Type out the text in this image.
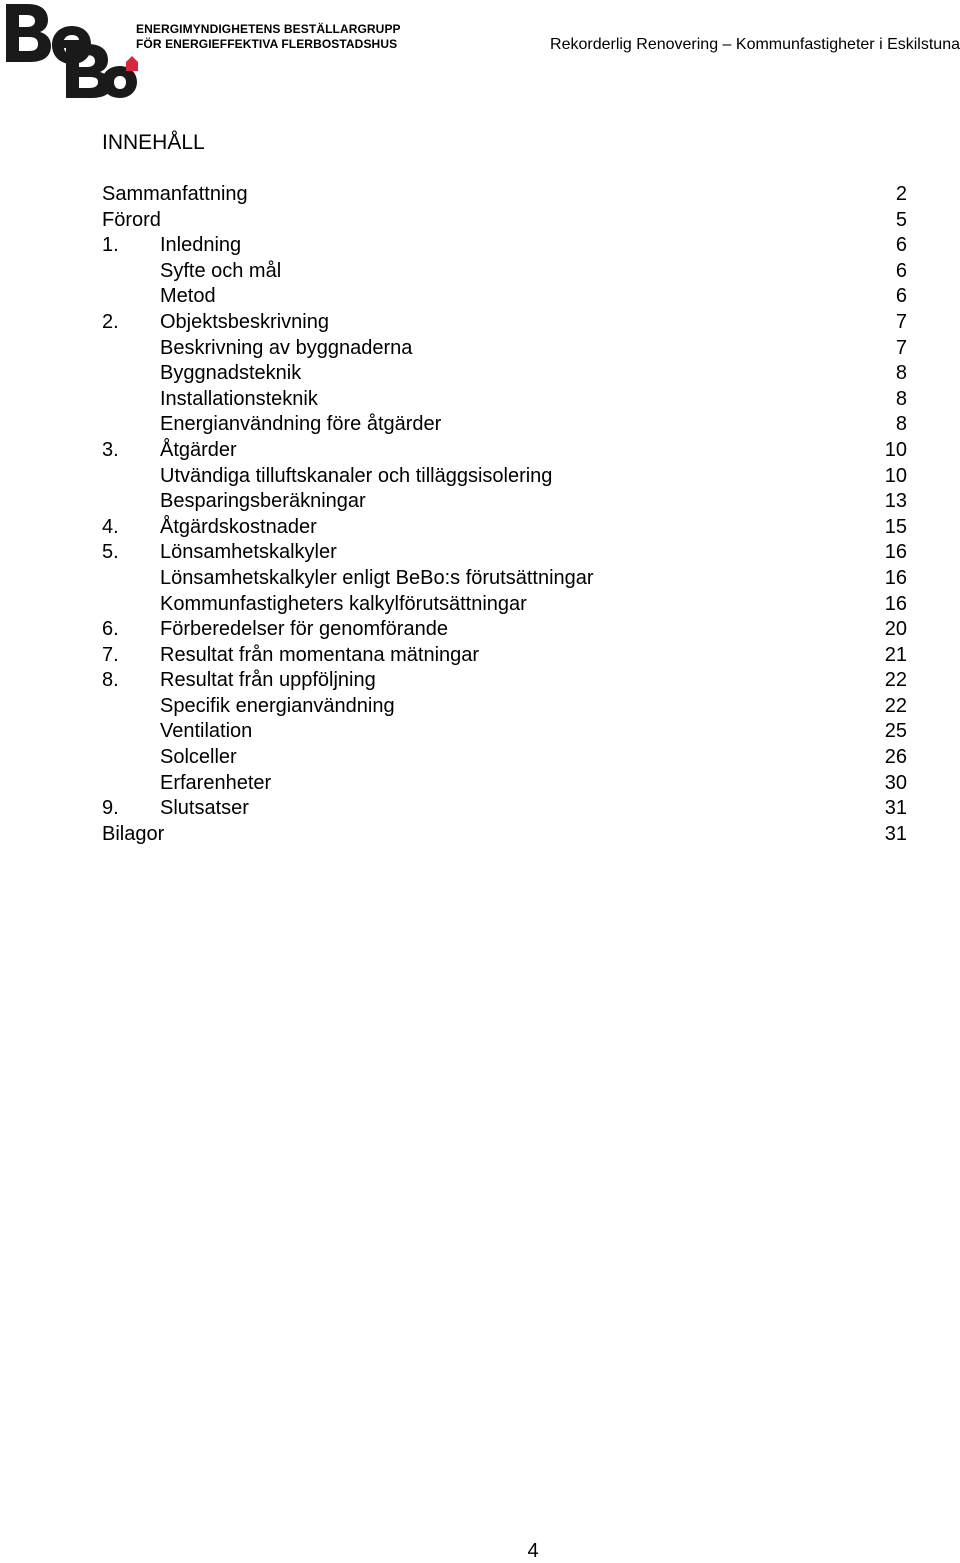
ENERGIMYNDIGHETENS BESTÄLLARGRUPP
FÖR ENERGIEFFEKTIVA FLERBOSTADSHUS	Rekorderlig Renovering – Kommunfastigheter i Eskilstuna
INNEHÅLL
Sammanfattning	2
Förord	5
1. Inledning	6
Syfte och mål	6
Metod	6
2. Objektsbeskrivning	7
Beskrivning av byggnaderna	7
Byggnadsteknik	8
Installationsteknik	8
Energianvändning före åtgärder	8
3. Åtgärder	10
Utvändiga tilluftskanaler och tilläggsisolering	10
Besparingsberäkningar	13
4. Åtgärdskostnader	15
5. Lönsamhetskalkyler	16
Lönsamhetskalkyler enligt BeBo:s förutsättningar	16
Kommunfastigheters kalkylförutsättningar	16
6. Förberedelser för genomförande	20
7. Resultat från momentana mätningar	21
8. Resultat från uppföljning	22
Specifik energianvändning	22
Ventilation	25
Solceller	26
Erfarenheter	30
9. Slutsatser	31
Bilagor	31
4
